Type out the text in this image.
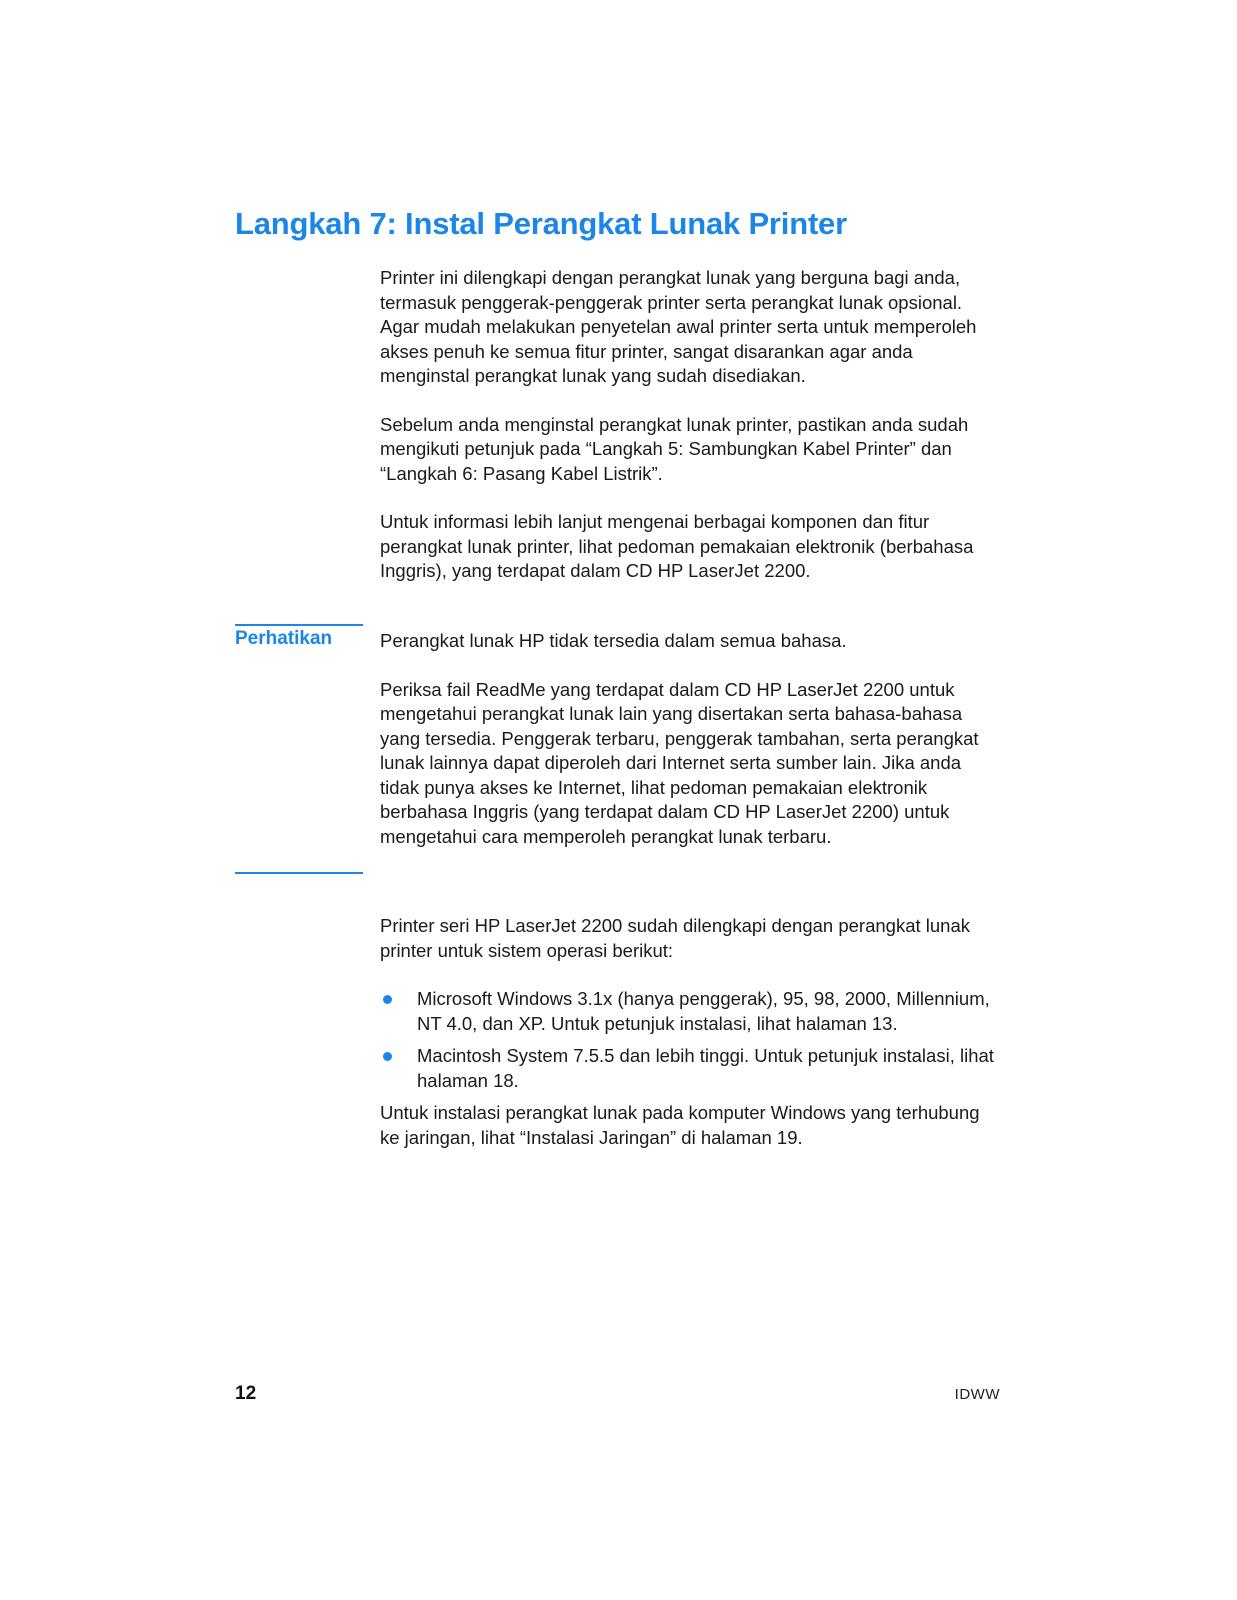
Langkah 7: Instal Perangkat Lunak Printer

Printer ini dilengkapi dengan perangkat lunak yang berguna bagi anda, termasuk penggerak-penggerak printer serta perangkat lunak opsional. Agar mudah melakukan penyetelan awal printer serta untuk memperoleh akses penuh ke semua fitur printer, sangat disarankan agar anda menginstal perangkat lunak yang sudah disediakan.

Sebelum anda menginstal perangkat lunak printer, pastikan anda sudah mengikuti petunjuk pada “Langkah 5: Sambungkan Kabel Printer” dan “Langkah 6: Pasang Kabel Listrik”.

Untuk informasi lebih lanjut mengenai berbagai komponen dan fitur perangkat lunak printer, lihat pedoman pemakaian elektronik (berbahasa Inggris), yang terdapat dalam CD HP LaserJet 2200.

Perhatikan	Perangkat lunak HP tidak tersedia dalam semua bahasa.

Periksa fail ReadMe yang terdapat dalam CD HP LaserJet 2200 untuk mengetahui perangkat lunak lain yang disertakan serta bahasa-bahasa yang tersedia. Penggerak terbaru, penggerak tambahan, serta perangkat lunak lainnya dapat diperoleh dari Internet serta sumber lain. Jika anda tidak punya akses ke Internet, lihat pedoman pemakaian elektronik berbahasa Inggris (yang terdapat dalam CD HP LaserJet 2200) untuk mengetahui cara memperoleh perangkat lunak terbaru.

Printer seri HP LaserJet 2200 sudah dilengkapi dengan perangkat lunak printer untuk sistem operasi berikut:

Microsoft Windows 3.1x (hanya penggerak), 95, 98, 2000, Millennium, NT 4.0, dan XP. Untuk petunjuk instalasi, lihat halaman 13.
Macintosh System 7.5.5 dan lebih tinggi. Untuk petunjuk instalasi, lihat halaman 18.

Untuk instalasi perangkat lunak pada komputer Windows yang terhubung ke jaringan, lihat “Instalasi Jaringan” di halaman 19.

12	IDWW
